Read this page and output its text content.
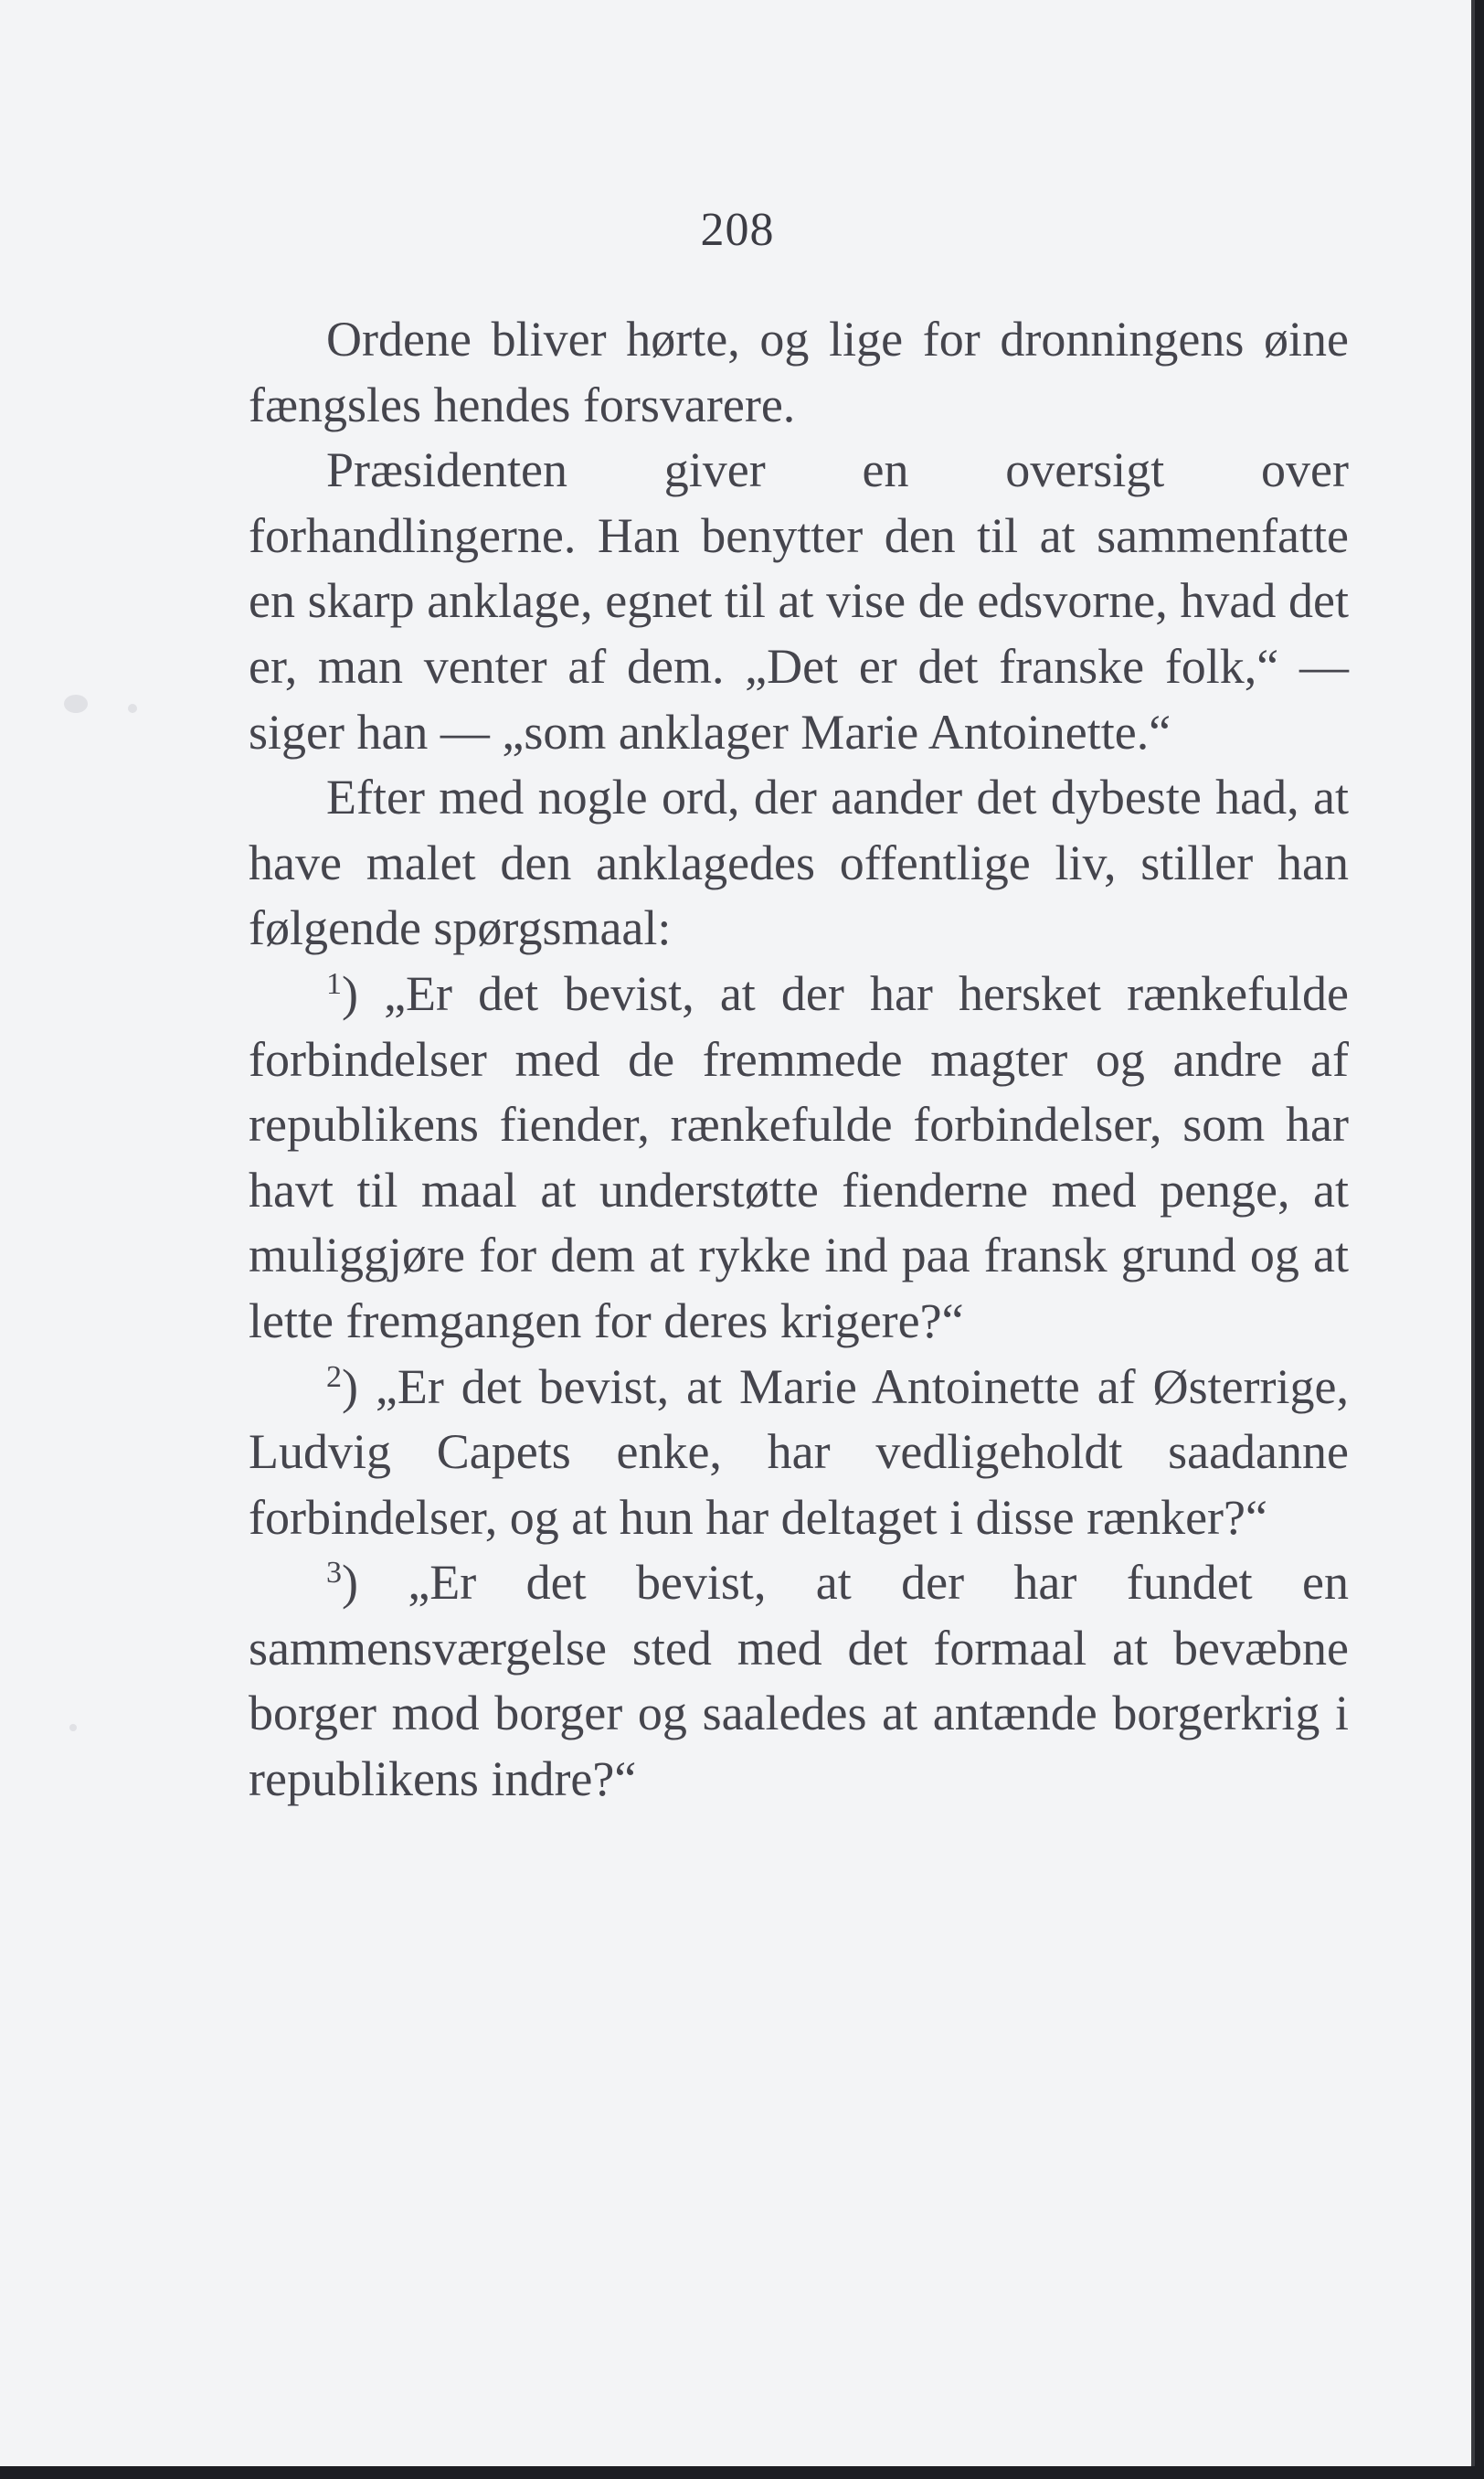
208

Ordene bliver hørte, og lige for dronningens øine fængsles hendes forsvarere.

Præsidenten giver en oversigt over forhandlingerne. Han benytter den til at sammenfatte en skarp anklage, egnet til at vise de edsvorne, hvad det er, man venter af dem. „Det er det franske folk,“ — siger han — „som anklager Marie Antoinette.“

Efter med nogle ord, der aander det dybeste had, at have malet den anklagedes offentlige liv, stiller han følgende spørgsmaal:

$^1$) „Er det bevist, at der har hersket rænkefulde forbindelser med de fremmede magter og andre af republikens fiender, rænkefulde forbindelser, som har havt til maal at understøtte fienderne med penge, at muliggjøre for dem at rykke ind paa fransk grund og at lette fremgangen for deres krigere?“

$^2$) „Er det bevist, at Marie Antoinette af Østerrige, Ludvig Capets enke, har vedligeholdt saadanne forbindelser, og at hun har deltaget i disse rænker?“

$^3$) „Er det bevist, at der har fundet en sammensværgelse sted med det formaal at bevæbne borger mod borger og saaledes at antænde borgerkrig i republikens indre?“
